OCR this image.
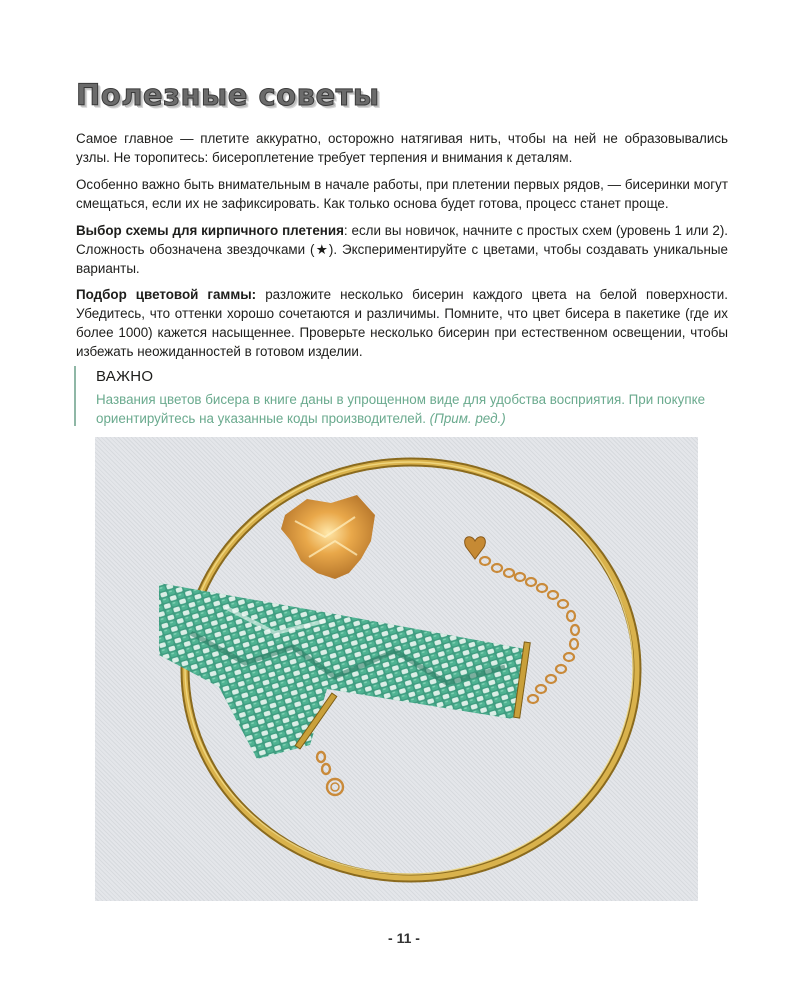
Полезные советы

Самое главное — плетите аккуратно, осторожно натягивая нить, чтобы на ней не образовывались узлы. Не торопитесь: бисероплетение требует терпения и внимания к деталям.

Особенно важно быть внимательным в начале работы, при плетении первых рядов, — бисеринки могут смещаться, если их не зафиксировать. Как только основа будет готова, процесс станет проще.

Выбор схемы для кирпичного плетения: если вы новичок, начните с простых схем (уровень 1 или 2). Сложность обозначена звездочками (★). Экспериментируйте с цветами, чтобы создавать уникальные варианты.

Подбор цветовой гаммы: разложите несколько бисерин каждого цвета на белой поверхности. Убедитесь, что оттенки хорошо сочетаются и различимы. Помните, что цвет бисера в пакетике (где их более 1000) кажется насыщеннее. Проверьте несколько бисерин при естественном освещении, чтобы избежать неожиданностей в готовом изделии.

ВАЖНО

Названия цветов бисера в книге даны в упрощенном виде для удобства восприятия. При покупке ориентируйтесь на указанные коды производителей. (Прим. ред.)

- 11 -
